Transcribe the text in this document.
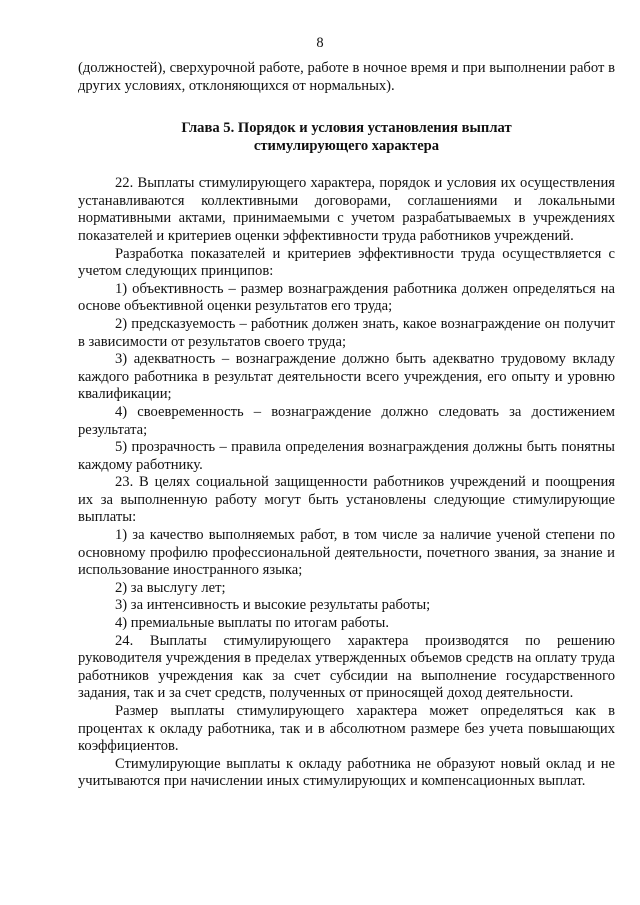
8

(должностей), сверхурочной работе, работе в ночное время и при выполнении работ в других условиях, отклоняющихся от нормальных).

Глава 5. Порядок и условия установления выплат
стимулирующего характера

22. Выплаты стимулирующего характера, порядок и условия их осуществления устанавливаются коллективными договорами, соглашениями и локальными нормативными актами, принимаемыми с учетом разрабатываемых в учреждениях показателей и критериев оценки эффективности труда работников учреждений.

Разработка показателей и критериев эффективности труда осуществляется с учетом следующих принципов:

1) объективность – размер вознаграждения работника должен определяться на основе объективной оценки результатов его труда;

2) предсказуемость – работник должен знать, какое вознаграждение он получит в зависимости от результатов своего труда;

3) адекватность – вознаграждение должно быть адекватно трудовому вкладу каждого работника в результат деятельности всего учреждения, его опыту и уровню квалификации;

4) своевременность – вознаграждение должно следовать за достижением результата;

5) прозрачность – правила определения вознаграждения должны быть понятны каждому работнику.

23. В целях социальной защищенности работников учреждений и поощрения их за выполненную работу могут быть установлены следующие стимулирующие выплаты:

1) за качество выполняемых работ, в том числе за наличие ученой степени по основному профилю профессиональной деятельности, почетного звания, за знание и использование иностранного языка;

2) за выслугу лет;

3) за интенсивность и высокие результаты работы;

4) премиальные выплаты по итогам работы.

24. Выплаты стимулирующего характера производятся по решению руководителя учреждения в пределах утвержденных объемов средств на оплату труда работников учреждения как за счет субсидии на выполнение государственного задания, так и за счет средств, полученных от приносящей доход деятельности.

Размер выплаты стимулирующего характера может определяться как в процентах к окладу работника, так и в абсолютном размере без учета повышающих коэффициентов.

Стимулирующие выплаты к окладу работника не образуют новый оклад и не учитываются при начислении иных стимулирующих и компенсационных выплат.
